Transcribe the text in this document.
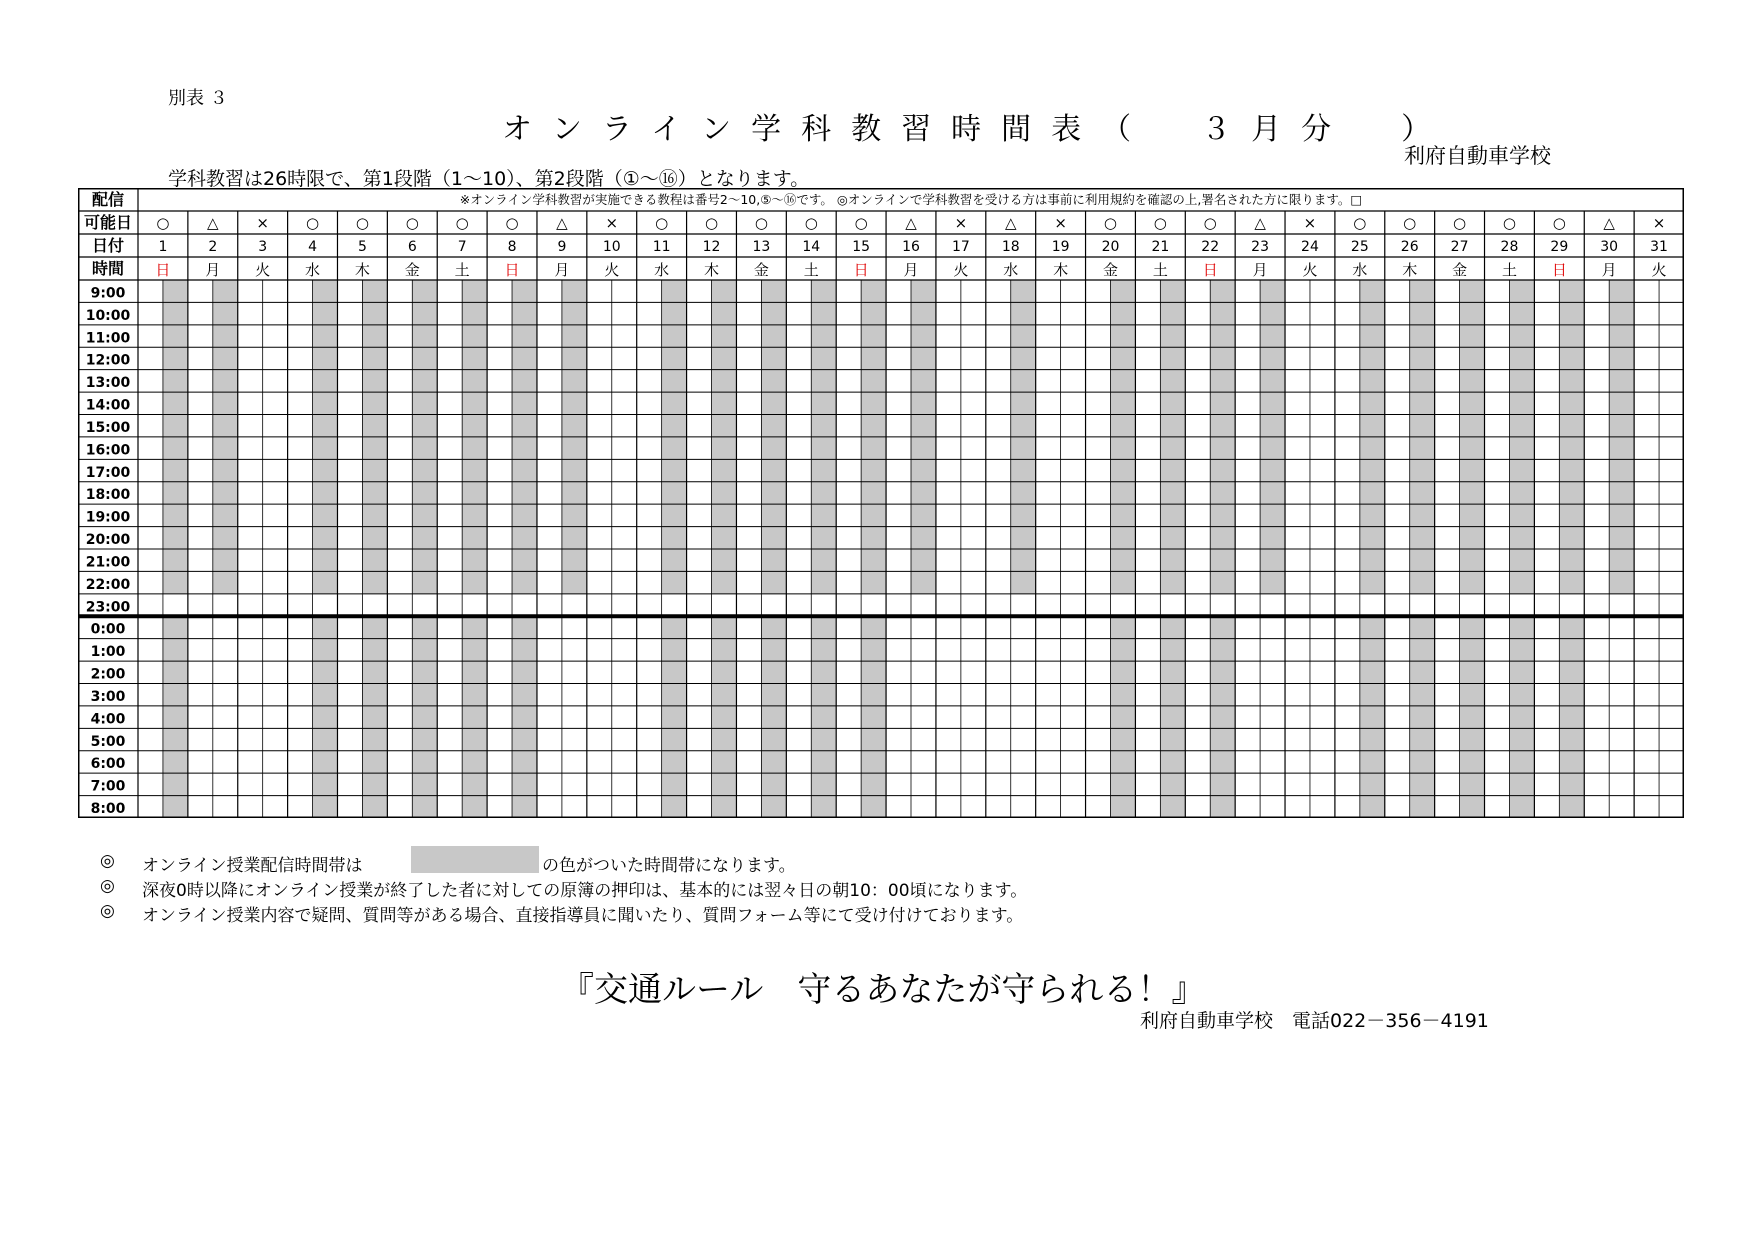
別表 ３
オンライン学科教習時間表（　３月分　）
利府自動車学校
学科教習は26時限で、第1段階（1～10）、第2段階（①～⑯）となります。
配信
可能日
日付
時間
※オンライン学科教習が実施できる教程は番号2～10,⑤～⑯です。 ◎オンラインで学科教習を受ける方は事前に利用規約を確認の上,署名された方に限ります。□
○
1
日
△
2
月
×
3
火
○
4
水
○
5
木
○
6
金
○
7
土
○
8
日
△
9
月
×
10
火
○
11
水
○
12
木
○
13
金
○
14
土
○
15
日
△
16
月
×
17
火
△
18
水
×
19
木
○
20
金
○
21
土
○
22
日
△
23
月
×
24
火
○
25
水
○
26
木
○
27
金
○
28
土
○
29
日
△
30
月
×
31
火
9:00
10:00
11:00
12:00
13:00
14:00
15:00
16:00
17:00
18:00
19:00
20:00
21:00
22:00
23:00
0:00
1:00
2:00
3:00
4:00
5:00
6:00
7:00
8:00
◎ オンライン授業配信時間帯は	の色がついた時間帯になります。
◎ 深夜0時以降にオンライン授業が終了した者に対しての原簿の押印は、基本的には翌々日の朝10：00頃になります。
◎ オンライン授業内容で疑問、質問等がある場合、直接指導員に聞いたり、質問フォーム等にて受け付けております。
『交通ルール　守るあなたが守られる！』
利府自動車学校　電話022－356－4191
